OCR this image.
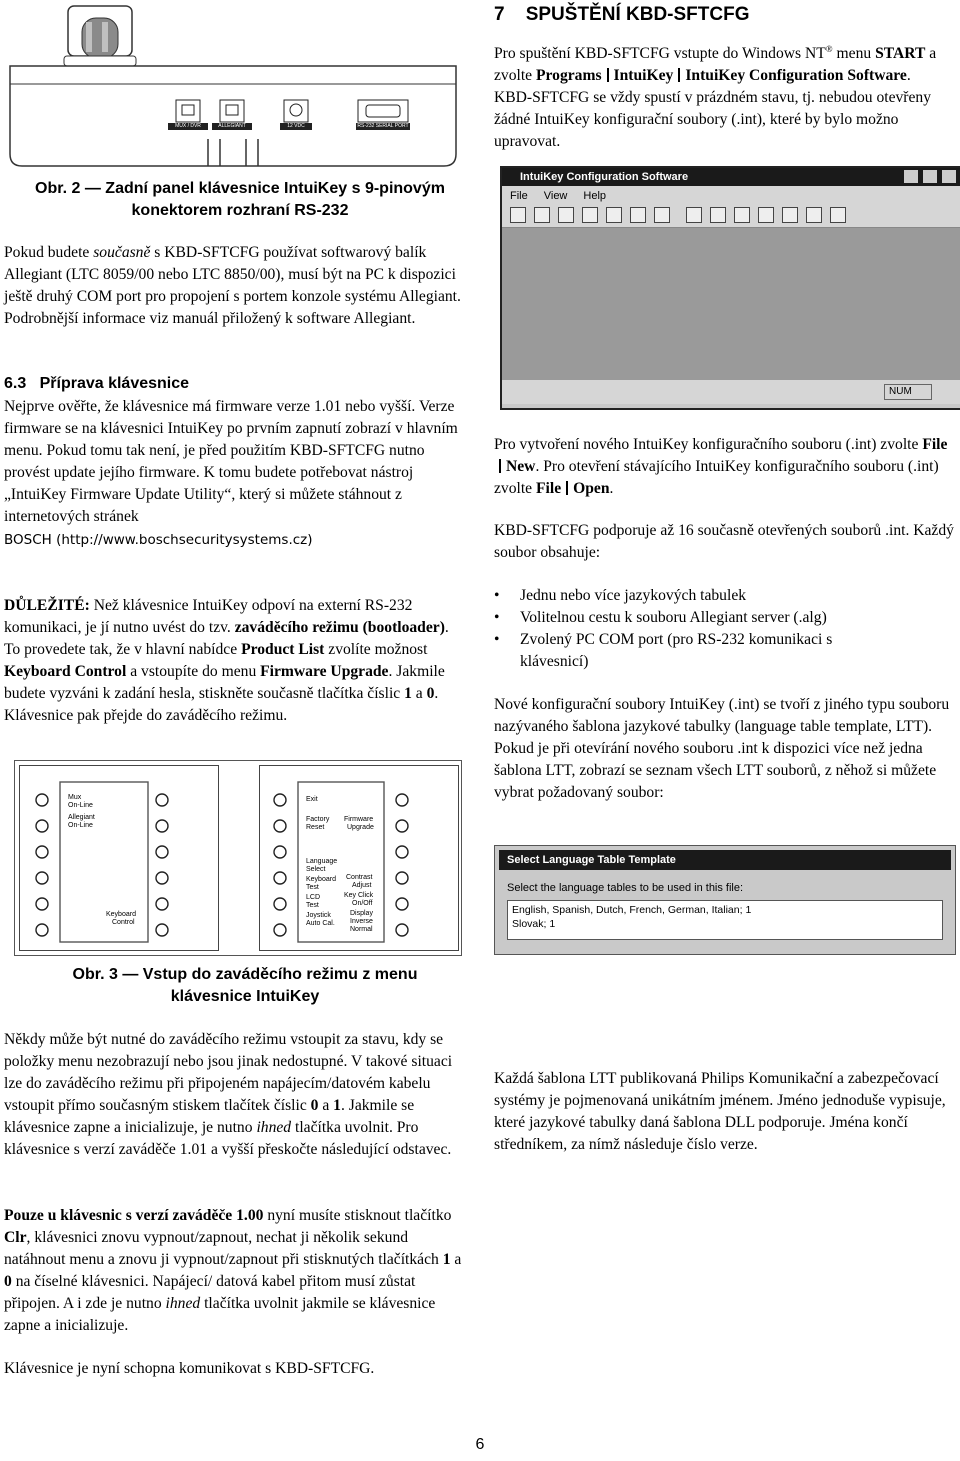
MUX / DVR	ALLEGIANT	12 VDC	RS-232 SERIAL PORT
Obr. 2 — Zadní panel klávesnice IntuiKey s 9-pinovým konektorem rozhraní RS-232

Pokud budete současně s KBD-SFTCFG používat softwarový balík Allegiant (LTC 8059/00 nebo LTC 8850/00), musí být na PC k dispozici ještě druhý COM port pro propojení s portem konzole systému Allegiant. Podrobnější informace viz manuál přiložený k software Allegiant.

6.3 Příprava klávesnice

Nejprve ověřte, že klávesnice má firmware verze 1.01 nebo vyšší. Verze firmware se na klávesnici IntuiKey po prvním zapnutí zobrazí v hlavním menu. Pokud tomu tak není, je před použitím KBD-SFTCFG nutno provést update jejího firmware. K tomu budete potřebovat nástroj „IntuiKey Firmware Update Utility“, který si můžete stáhnout z internetových stránek

BOSCH (http://www.boschsecuritysystems.cz)

DŮLEŽITÉ: Než klávesnice IntuiKey odpoví na externí RS-232 komunikaci, je jí nutno uvést do tzv. zaváděcího režimu (bootloader). To provedete tak, že v hlavní nabídce Product List zvolíte možnost Keyboard Control a vstoupíte do menu Firmware Upgrade. Jakmile budete vyzváni k zadání hesla, stiskněte současně tlačítka číslic 1 a 0. Klávesnice pak přejde do zaváděcího režimu.

Mux
On-Line
Allegiant
On-Line
Keyboard
Control
Exit
Factory
Reset
Firmware
Upgrade
Language
Select
Keyboard
Test
LCD
Test
Joystick
Auto Cal.
Contrast
Adjust
Key Click
On/Off
Display
Inverse
Normal
Obr. 3 — Vstup do zaváděcího režimu z menu klávesnice IntuiKey

Někdy může být nutné do zaváděcího režimu vstoupit za stavu, kdy se položky menu nezobrazují nebo jsou jinak nedostupné. V takové situaci lze do zaváděcího režimu při připojeném napájecím/datovém kabelu vstoupit přímo současným stiskem tlačítek číslic 0 a 1. Jakmile se klávesnice zapne a inicializuje, je nutno ihned tlačítka uvolnit. Pro klávesnice s verzí zaváděče 1.01 a vyšší přeskočte následující odstavec.

Pouze u klávesnic s verzí zaváděče 1.00 nyní musíte stisknout tlačítko Clr, klávesnici znovu vypnout/zapnout, nechat ji několik sekund natáhnout menu a znovu ji vypnout/zapnout při stisknutých tlačítkách 1 a 0 na číselné klávesnici. Napájecí/ datová kabel přitom musí zůstat připojen. A i zde je nutno ihned tlačítka uvolnit jakmile se klávesnice zapne a inicializuje.

Klávesnice je nyní schopna komunikovat s KBD-SFTCFG.

7 SPUŠTĚNÍ KBD-SFTCFG

Pro spuštění KBD-SFTCFG vstupte do Windows NT® menu START a zvolte Programs IntuiKey IntuiKey Configuration Software. KBD-SFTCFG se vždy spustí v prázdném stavu, tj. nebudou otevřeny žádné IntuiKey konfigurační soubory (.int), které by bylo možno upravovat.

IntuiKey Configuration Software

File View Help

NUM

Pro vytvoření nového IntuiKey konfiguračního souboru (.int) zvolte FileNew. Pro otevření stávajícího IntuiKey konfiguračního souboru (.int) zvolte File Open.

KBD-SFTCFG podporuje až 16 současně otevřených souborů .int. Každý soubor obsahuje:

• Jednu nebo více jazykových tabulek
• Volitelnou cestu k souboru Allegiant server (.alg)
• Zvolený PC COM port (pro RS-232 komunikaci s klávesnicí)

Nové konfigurační soubory IntuiKey (.int) se tvoří z jiného typu souboru nazývaného šablona jazykové tabulky (language table template, LTT). Pokud je při otevírání nového souboru .int k dispozici více než jedna šablona LTT, zobrazí se seznam všech LTT souborů, z něhož si můžete vybrat požadovaný soubor:

Select Language Table Template
Select the language tables to be used in this file:
English, Spanish, Dutch, French, German, Italian; 1
Slovak; 1

Každá šablona LTT publikovaná Philips Komunikační a zabezpečovací systémy je pojmenovaná unikátním jménem. Jméno jednoduše vypisuje, které jazykové tabulky daná šablona DLL podporuje. Jména končí středníkem, za nímž následuje číslo verze.

6
